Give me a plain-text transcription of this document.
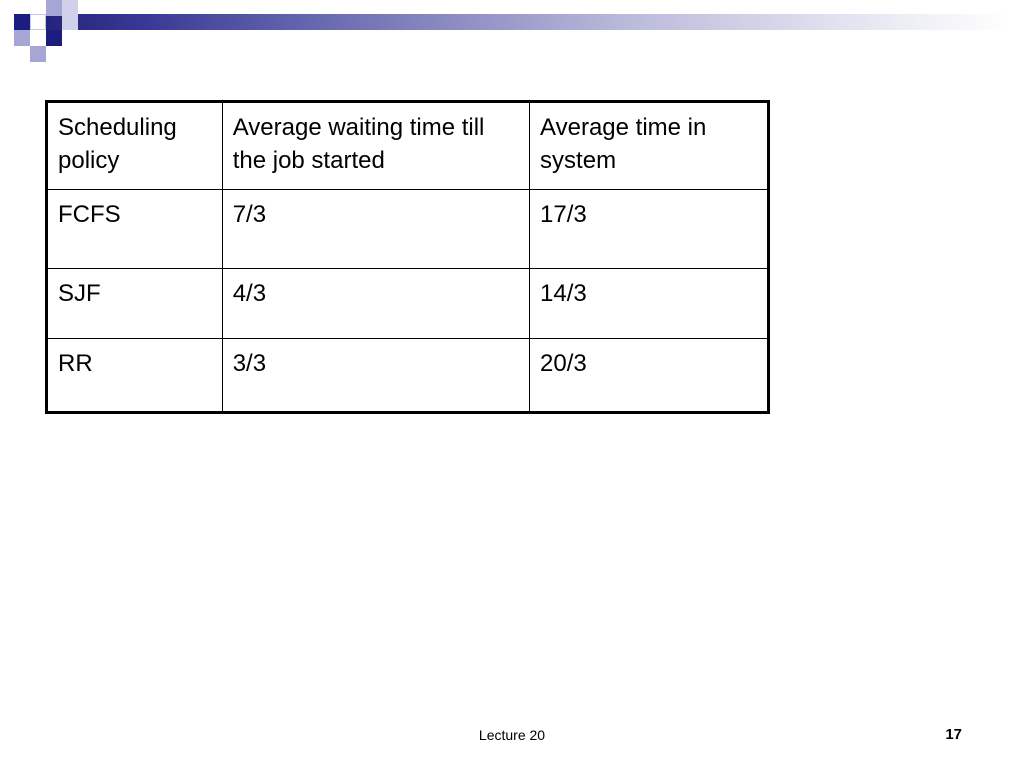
Scheduling policy	Average waiting time till the job started	Average time in system
FCFS	7/3	17/3
SJF	4/3	14/3
RR	3/3	20/3
Lecture 20	17
